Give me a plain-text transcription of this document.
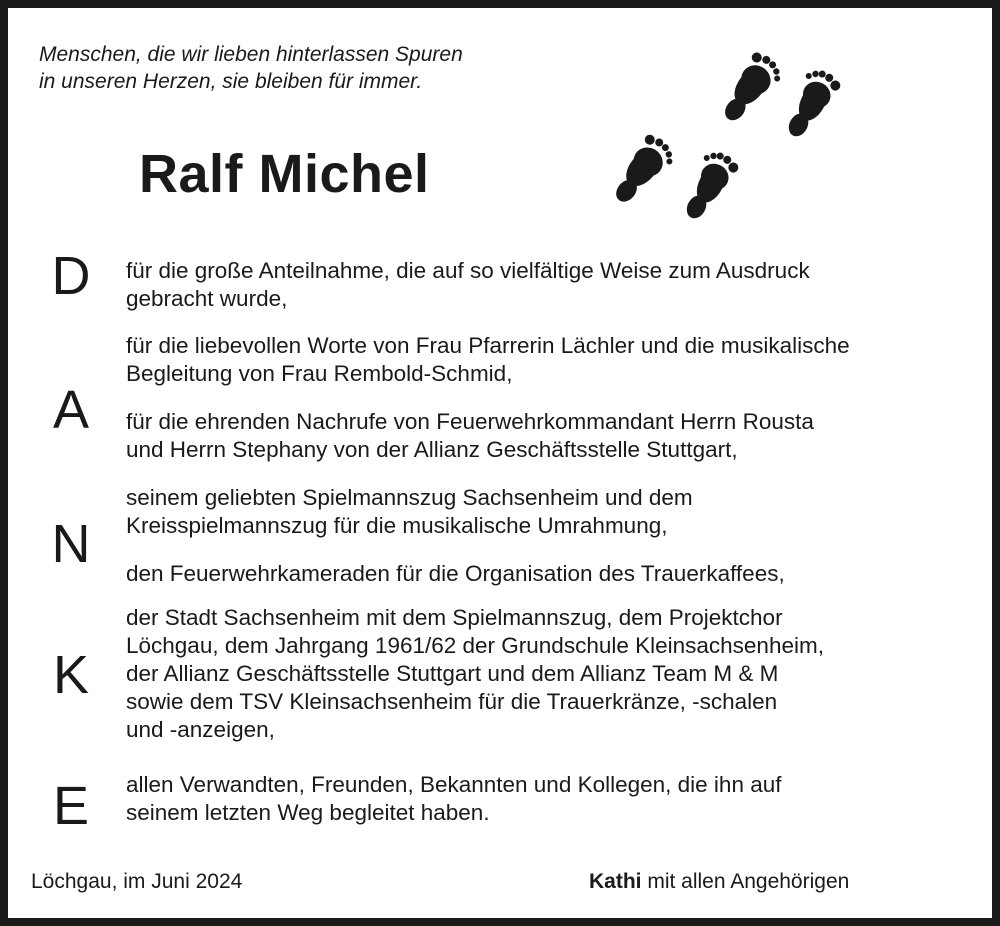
Menschen, die wir lieben hinterlassen Spuren
in unseren Herzen, sie bleiben für immer.
Ralf Michel
D
A
N
K
E
für die große Anteilnahme, die auf so vielfältige Weise zum Ausdruck
gebracht wurde,
für die liebevollen Worte von Frau Pfarrerin Lächler und die musikalische
Begleitung von Frau Rembold-Schmid,
für die ehrenden Nachrufe von Feuerwehrkommandant Herrn Rousta
und Herrn Stephany von der Allianz Geschäftsstelle Stuttgart,
seinem geliebten Spielmannszug Sachsenheim und dem
Kreisspielmannszug für die musikalische Umrahmung,
den Feuerwehrkameraden für die Organisation des Trauerkaffees,
der Stadt Sachsenheim mit dem Spielmannszug, dem Projektchor
Löchgau, dem Jahrgang 1961/62 der Grundschule Kleinsachsenheim,
der Allianz Geschäftsstelle Stuttgart und dem Allianz Team M & M
sowie dem TSV Kleinsachsenheim für die Trauerkränze, -schalen
und -anzeigen,
allen Verwandten, Freunden, Bekannten und Kollegen, die ihn auf
seinem letzten Weg begleitet haben.
Löchgau, im Juni 2024	Kathi mit allen Angehörigen
